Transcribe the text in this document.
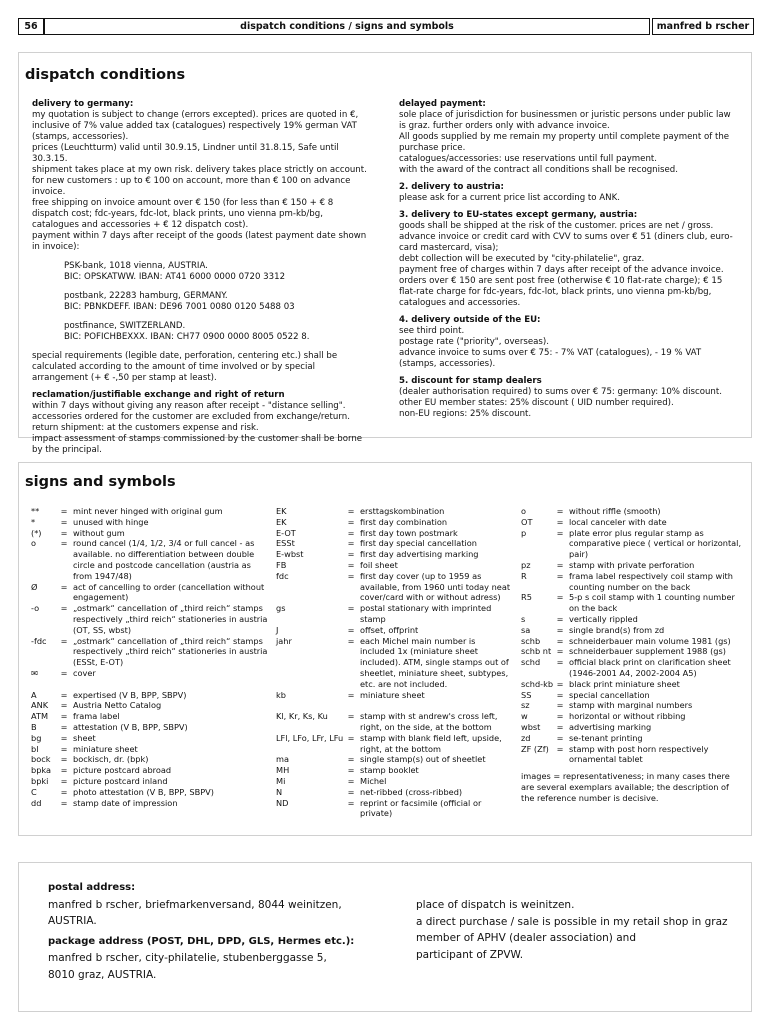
56	dispatch conditions / signs and symbols	manfred b rscher
dispatch conditions
delivery to germany:
my quotation is subject to change (errors excepted). prices are quoted in €, inclusive of 7% value added tax (catalogues) respectively 19% german VAT (stamps, accessories).
prices (Leuchtturm) valid until 30.9.15, Lindner until 31.8.15, Safe until 30.3.15.
shipment takes place at my own risk. delivery takes place strictly on account.
for new customers : up to € 100 on account, more than € 100 on advance invoice.
free shipping on invoice amount over € 150 (for less than € 150 + € 8 dispatch cost; fdc-years, fdc-lot, black prints, uno vienna pm-kb/bg, catalogues and accessories + € 12 dispatch cost).
payment within 7 days after receipt of the goods (latest payment date shown in invoice):
PSK-bank, 1018 vienna, AUSTRIA.
BIC: OPSKATWW. IBAN: AT41 6000 0000 0720 3312
postbank, 22283 hamburg, GERMANY.
BIC: PBNKDEFF. IBAN: DE96 7001 0080 0120 5488 03
postfinance, SWITZERLAND.
BIC: POFICHBEXXX. IBAN: CH77 0900 0000 8005 0522 8.
special requirements (legible date, perforation, centering etc.) shall be calculated according to the amount of time involved or by special arrangement (+ € -,50 per stamp at least).
reclamation/justifiable exchange and right of return
within 7 days without giving any reason after receipt - "distance selling".
accessories ordered for the customer are excluded from exchange/return.
return shipment: at the customers expense and risk.
impact assessment of stamps commissioned by the customer shall be borne by the principal.
delayed payment:
sole place of jurisdiction for businessmen or juristic persons under public law is graz. further orders only with advance invoice.
All goods supplied by me remain my property until complete payment of the purchase price.
catalogues/accessories: use reservations until full payment.
with the award of the contract all conditions shall be recognised.
2. delivery to austria:
please ask for a current price list according to ANK.
3. delivery to EU-states except germany, austria:
goods shall be shipped at the risk of the customer. prices are net / gross.
advance invoice or credit card with CVV to sums over € 51 (diners club, euro-card mastercard, visa);
debt collection will be executed by "city-philatelie", graz.
payment free of charges within 7 days after receipt of the advance invoice.
orders over € 150 are sent post free (otherwise € 10 flat-rate charge); € 15 flat-rate charge for fdc-years, fdc-lot, black prints, uno vienna pm-kb/bg, catalogues and accessories.
4. delivery outside of the EU:
see third point.
postage rate ("priority", overseas).
advance invoice to sums over € 75: - 7% VAT (catalogues), - 19 % VAT (stamps, accessories).
5. discount for stamp dealers
(dealer authorisation required) to sums over € 75: germany: 10% discount.
other EU member states: 25% discount ( UID number required).
non-EU regions: 25% discount.
signs and symbols
**	= mint never hinged with original gum
*	= unused with hinge
(*) = without gum
o	= round cancel (1/4, 1/2, 3/4 or full cancel - as available. no differentiation between double circle and postcode cancellation (austria as from 1947/48)
Ø	= act of cancelling to order (cancellation without engagement)
-o	= „ostmark“ cancellation of „third reich“ stamps respectively „third reich“ stationeries in austria (OT, SS, wbst)
-fdc = „ostmark“ cancellation of „third reich“ stamps respectively „third reich“ stationeries in austria (ESSt, E-OT)
✉	= cover
A	= expertised (V B, BPP, SBPV)
ANK = Austria Netto Catalog
ATM = frama label
B	= attestation (V B, BPP, SBPV)
bg = sheet
bl	= miniature sheet
bock = bockisch, dr. (bpk)
bpka = picture postcard abroad
bpki = picture postcard inland
C	= photo attestation (V B, BPP, SBPV)
dd = stamp date of impression
EK	= ersttagskombination
EK	= first day combination
E-OT	= first day town postmark
ESSt	= first day special cancellation
E-wbst	= first day advertising marking
FB	= foil sheet
fdc	= first day cover (up to 1959 as available, from 1960 unti today neat cover/card with or without adress)
gs	= postal stationary with imprinted stamp
J	= offset, offprint
jahr	= each Michel main number is included 1x (miniature sheet included). ATM, single stamps out of sheetlet, miniature sheet, subtypes, etc. are not included.
kb	= miniature sheet
Kl, Kr, Ks, Ku = stamp with st andrew's cross left, right, on the side, at the bottom
LFl, LFo, LFr, LFu = stamp with blank field left, upside, right, at the bottom
ma	= single stamp(s) out of sheetlet
MH	= stamp booklet
Mi	= Michel
N	= net-ribbed (cross-ribbed)
ND	= reprint or facsimile (official or private)
o	= without riffle (smooth)
OT	= local canceler with date
p	= plate error plus regular stamp as comparative piece ( vertical or horizontal, pair)
pz	= stamp with private perforation
R	= frama label respectively coil stamp with counting number on the back
R5	= 5-p s coil stamp with 1 counting number on the back
s	= vertically rippled
sa	= single brand(s) from zd
schb = schneiderbauer main volume 1981 (gs)
schb nt = schneiderbauer supplement 1988 (gs)
schd = official black print on clarification sheet (1946-2001 A4, 2002-2004 A5)
schd-kb = black print miniature sheet
SS	= special cancellation
sz	= stamp with marginal numbers
w	= horizontal or without ribbing
wbst = advertising marking
zd	= se-tenant printing
ZF (Zf) = stamp with post horn respectively ornamental tablet
images = representativeness; in many cases there are several exemplars available; the description of the reference number is decisive.
postal address:
manfred b rscher, briefmarkenversand, 8044 weinitzen,
AUSTRIA.
package address (POST, DHL, DPD, GLS, Hermes etc.):
manfred b rscher, city-philatelie, stubenberggasse 5,
8010 graz, AUSTRIA.
place of dispatch is weinitzen.
a direct purchase / sale is possible in my retail shop in graz
member of APHV (dealer association) and
participant of ZPVW.
